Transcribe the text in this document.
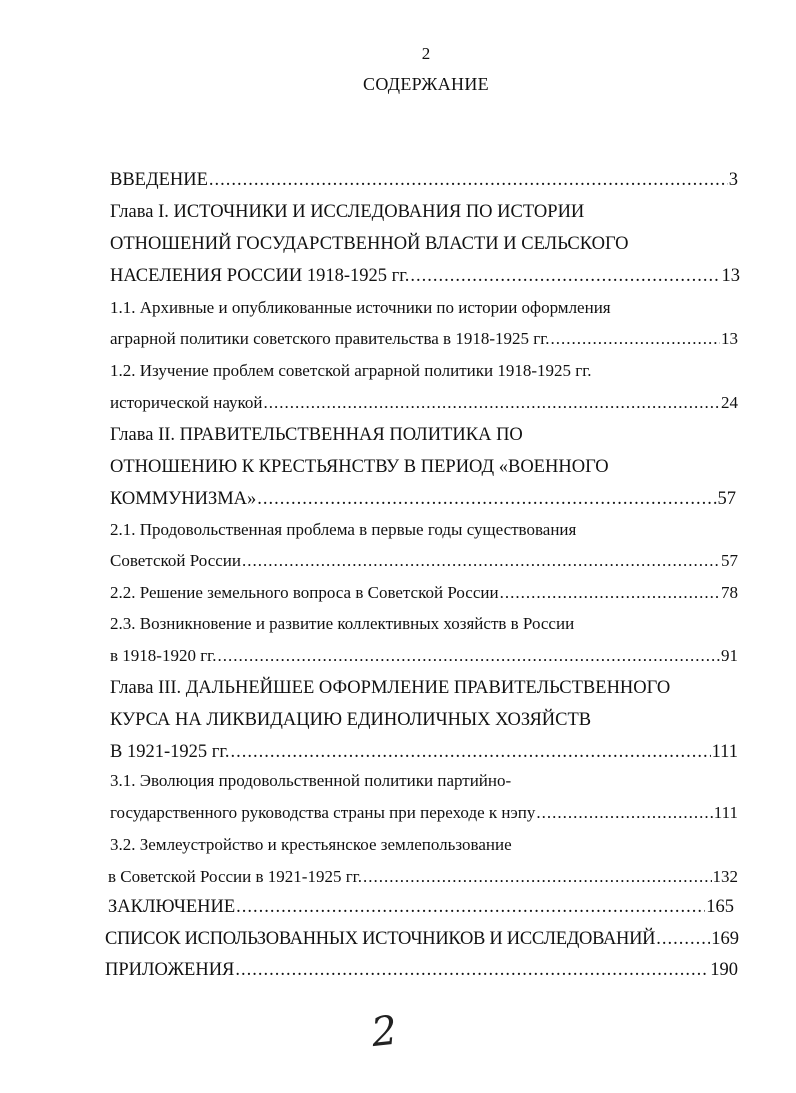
2
СОДЕРЖАНИЕ
ВВЕДЕНИЕ .....	3
Глава I. ИСТОЧНИКИ И ИССЛЕДОВАНИЯ ПО ИСТОРИИ
ОТНОШЕНИЙ ГОСУДАРСТВЕННОЙ ВЛАСТИ И СЕЛЬСКОГО
НАСЕЛЕНИЯ РОССИИ 1918-1925 гг. .....	13
1.1. Архивные и опубликованные источники по истории оформления
аграрной политики советского правительства в 1918-1925 гг. .....	13
1.2. Изучение проблем советской аграрной политики 1918-1925 гг.
исторической наукой .....	24
Глава II. ПРАВИТЕЛЬСТВЕННАЯ ПОЛИТИКА ПО
ОТНОШЕНИЮ К КРЕСТЬЯНСТВУ В ПЕРИОД «ВОЕННОГО
КОММУНИЗМА» .....	57
2.1. Продовольственная проблема в первые годы существования
Советской России .....	57
2.2. Решение земельного вопроса в Советской России .....	78
2.3. Возникновение и развитие коллективных хозяйств в России
в 1918-1920 гг. .....	91
Глава III. ДАЛЬНЕЙШЕЕ ОФОРМЛЕНИЕ ПРАВИТЕЛЬСТВЕННОГО
КУРСА НА ЛИКВИДАЦИЮ ЕДИНОЛИЧНЫХ ХОЗЯЙСТВ
В 1921-1925 гг. .....	111
3.1. Эволюция продовольственной политики партийно-
государственного руководства страны при переходе к нэпу .....	111
3.2. Землеустройство и крестьянское землепользование
в Советской России в 1921-1925 гг. .....	132
ЗАКЛЮЧЕНИЕ .....	165
СПИСОК ИСПОЛЬЗОВАННЫХ ИСТОЧНИКОВ И ИССЛЕДОВАНИЙ .....	169
ПРИЛОЖЕНИЯ .....	190
2
